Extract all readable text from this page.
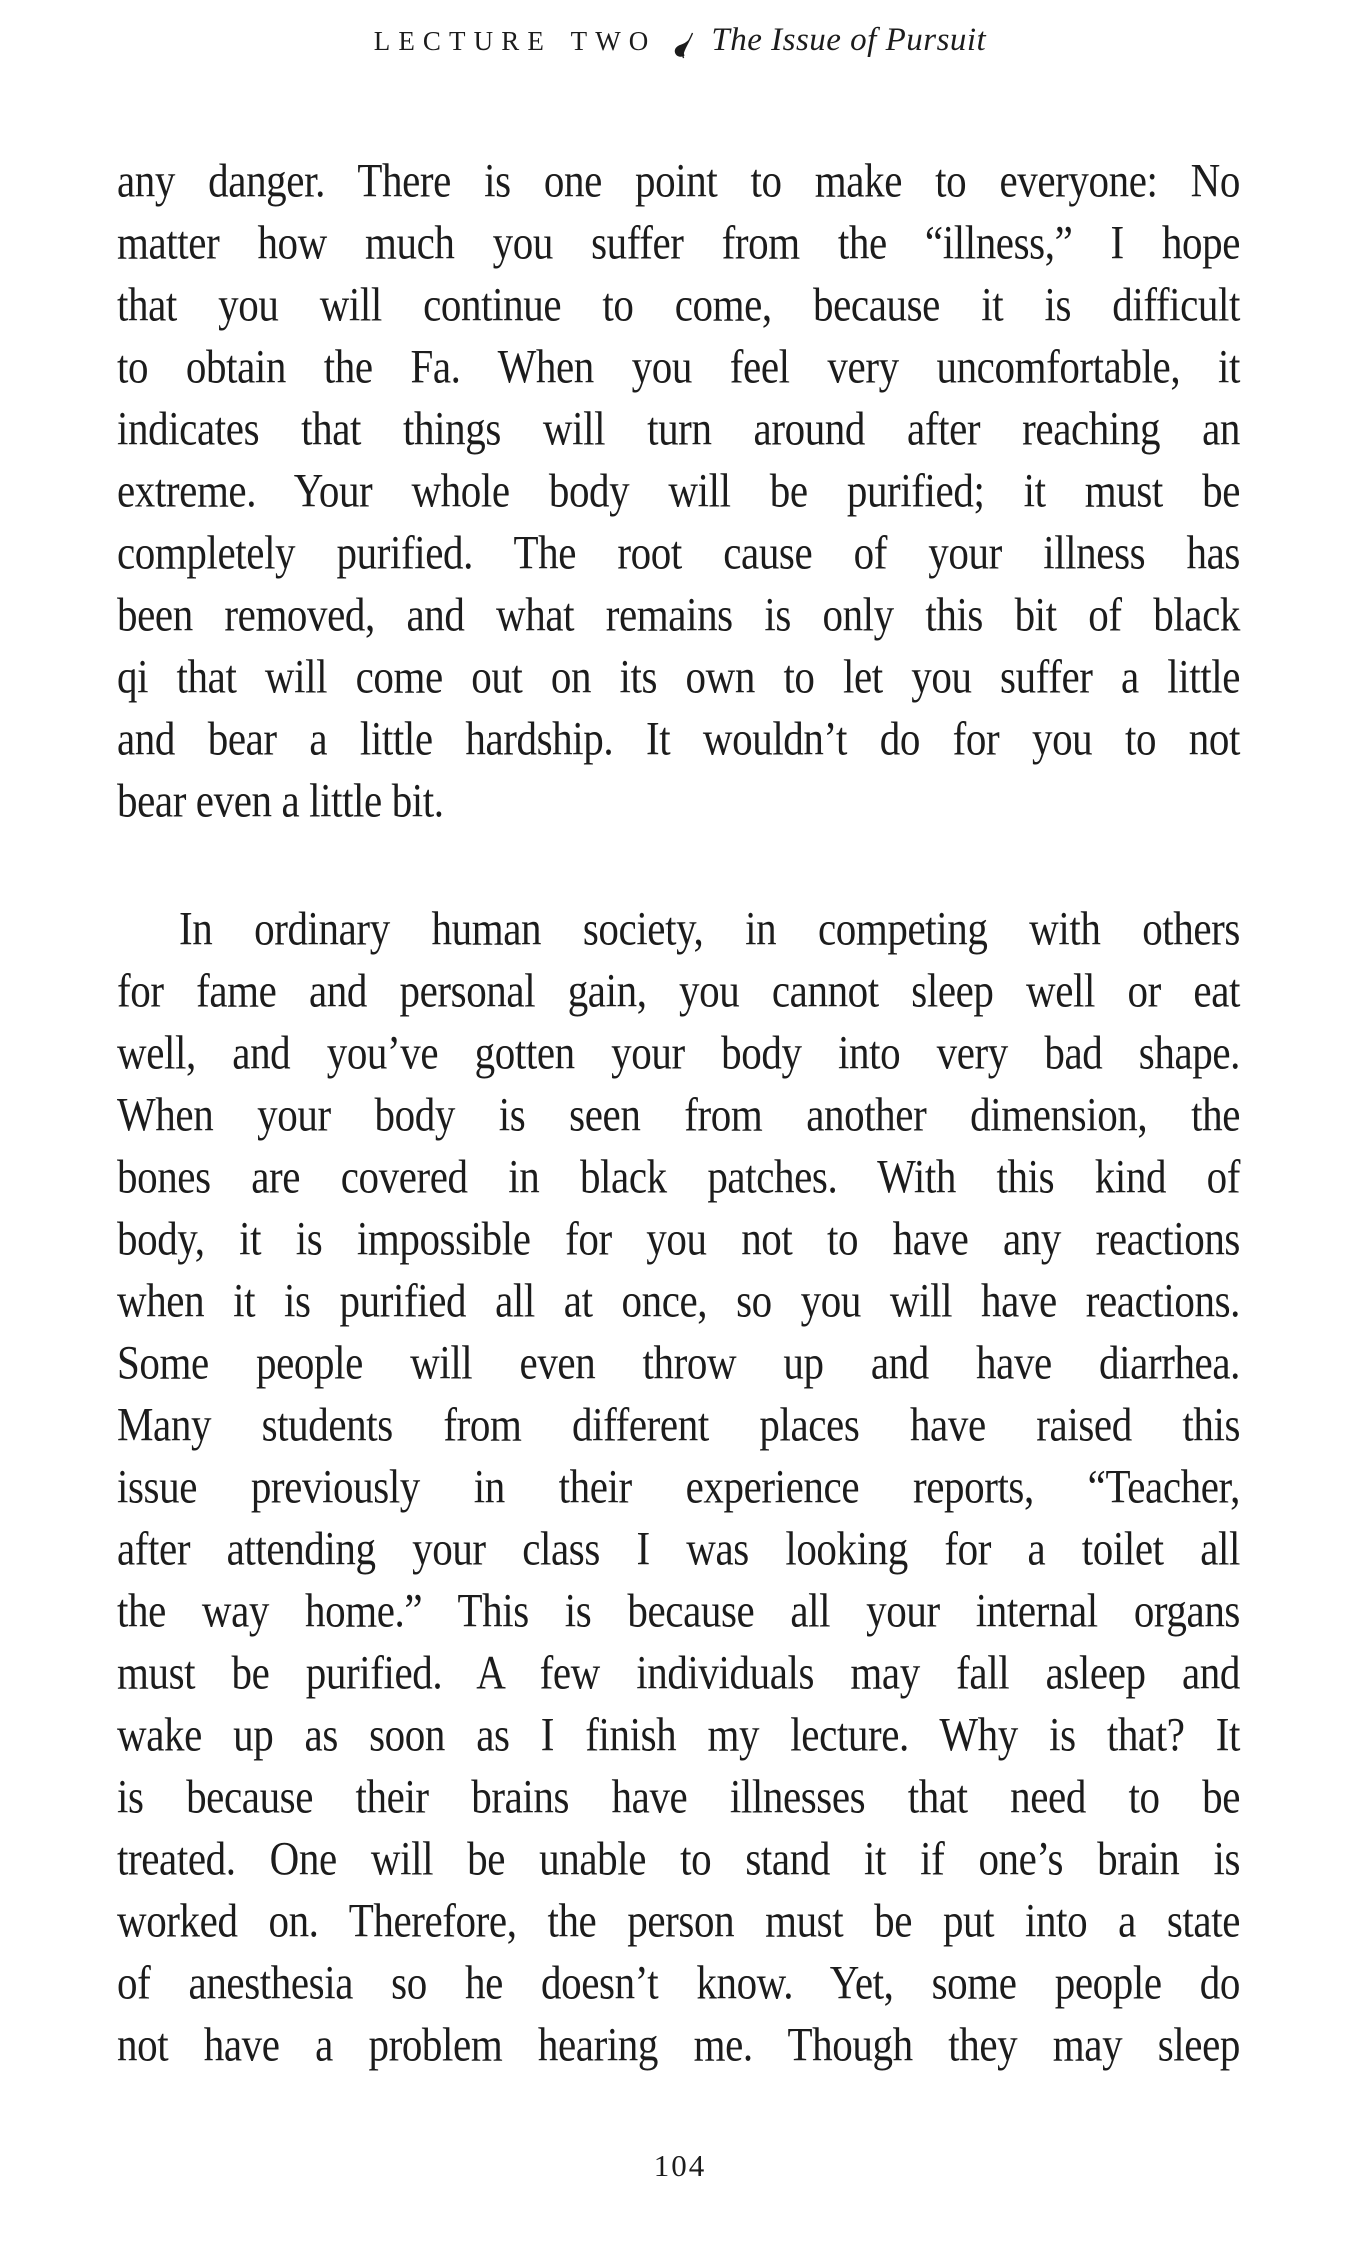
LECTURE TWO The Issue of Pursuit
any danger. There is one point to make to everyone: No
matter how much you suffer from the “illness,” I hope
that you will continue to come, because it is difficult
to obtain the Fa. When you feel very uncomfortable, it
indicates that things will turn around after reaching an
extreme. Your whole body will be purified; it must be
completely purified. The root cause of your illness has
been removed, and what remains is only this bit of black
qi that will come out on its own to let you suffer a little
and bear a little hardship. It wouldn’t do for you to not
bear even a little bit.
In ordinary human society, in competing with others
for fame and personal gain, you cannot sleep well or eat
well, and you’ve gotten your body into very bad shape.
When your body is seen from another dimension, the
bones are covered in black patches. With this kind of
body, it is impossible for you not to have any reactions
when it is purified all at once, so you will have reactions.
Some people will even throw up and have diarrhea.
Many students from different places have raised this
issue previously in their experience reports, “Teacher,
after attending your class I was looking for a toilet all
the way home.” This is because all your internal organs
must be purified. A few individuals may fall asleep and
wake up as soon as I finish my lecture. Why is that? It
is because their brains have illnesses that need to be
treated. One will be unable to stand it if one’s brain is
worked on. Therefore, the person must be put into a state
of anesthesia so he doesn’t know. Yet, some people do
not have a problem hearing me. Though they may sleep
104
